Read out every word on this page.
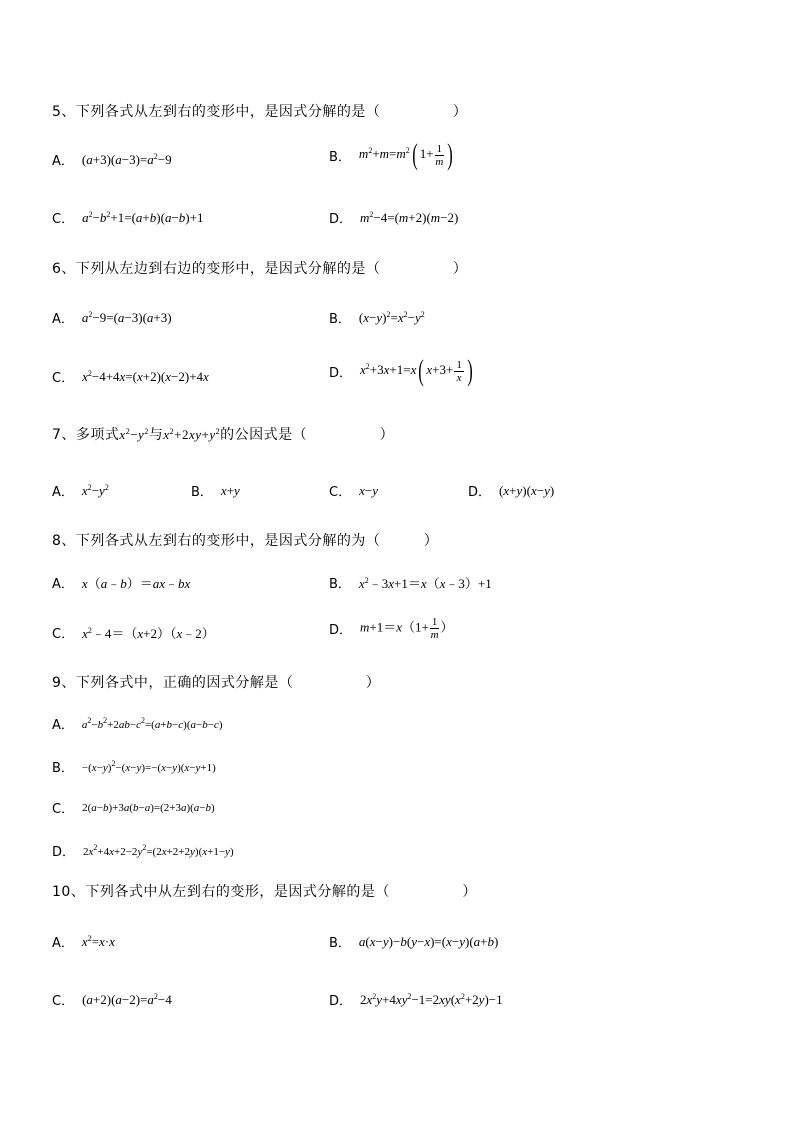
5、下列各式从左到右的变形中，是因式分解的是（　　　　　）
A． $(a+3)(a-3)=a^2-9$	B． $m^2+m=m^2$( $1+ \frac{1}{m}$ )
C． $a^2-b^2+1=(a+b)(a-b)+1$	D． $m^2-4=(m+2)(m-2)$
6、下列从左边到右边的变形中，是因式分解的是（　　　　　）
A． $a^2-9=(a-3)(a+3)$	B． $(x-y)^2=x^2-y^2$
C． $x^2-4+4x=(x+2)(x-2)+4x$	D． $x^2+3x+1=x$( $x+3+ \frac{1}{x}$ )
7、多项式$x^2-y^2$与$x^2+2xy+y^2$的公因式是（　　　　　）
A． $x^2-y^2$	B． x+y	C． x−y	D． (x+y)(x−y)
8、下列各式从左到右的变形中，是因式分解的为（　　　）
A． x（a﹣b）＝ax﹣bx	B． $x^2﹣3x+1=x(x﹣3)+1$
C． $x^2﹣4=(x+2)(x﹣2)$	D． $m+1=x(1+ \frac{1}{m}$ ）
9、下列各式中，正确的因式分解是（　　　　　）
A． $a^2-b^2+2ab-c^2=(a+b-c)(a-b-c)$
B． $-(x-y)^2-(x-y)=-(x-y)(x-y+1)$
C． 2(a−b)+3a(b−a)=(2+3a)(a−b)
D． $2x^2+4x+2-2y^2=(2x+2+2y)(x+1-y)$
10、下列各式中从左到右的变形，是因式分解的是（　　　　　）
A． $x^2=x\cdot x$	B． a(x−y)−b(y−x)=(x−y)(a+b)
C． $(a+2)(a-2)=a^2-4$	D． $2x^2y+4xy^2-1=2xy(x^2+2y)-1$
